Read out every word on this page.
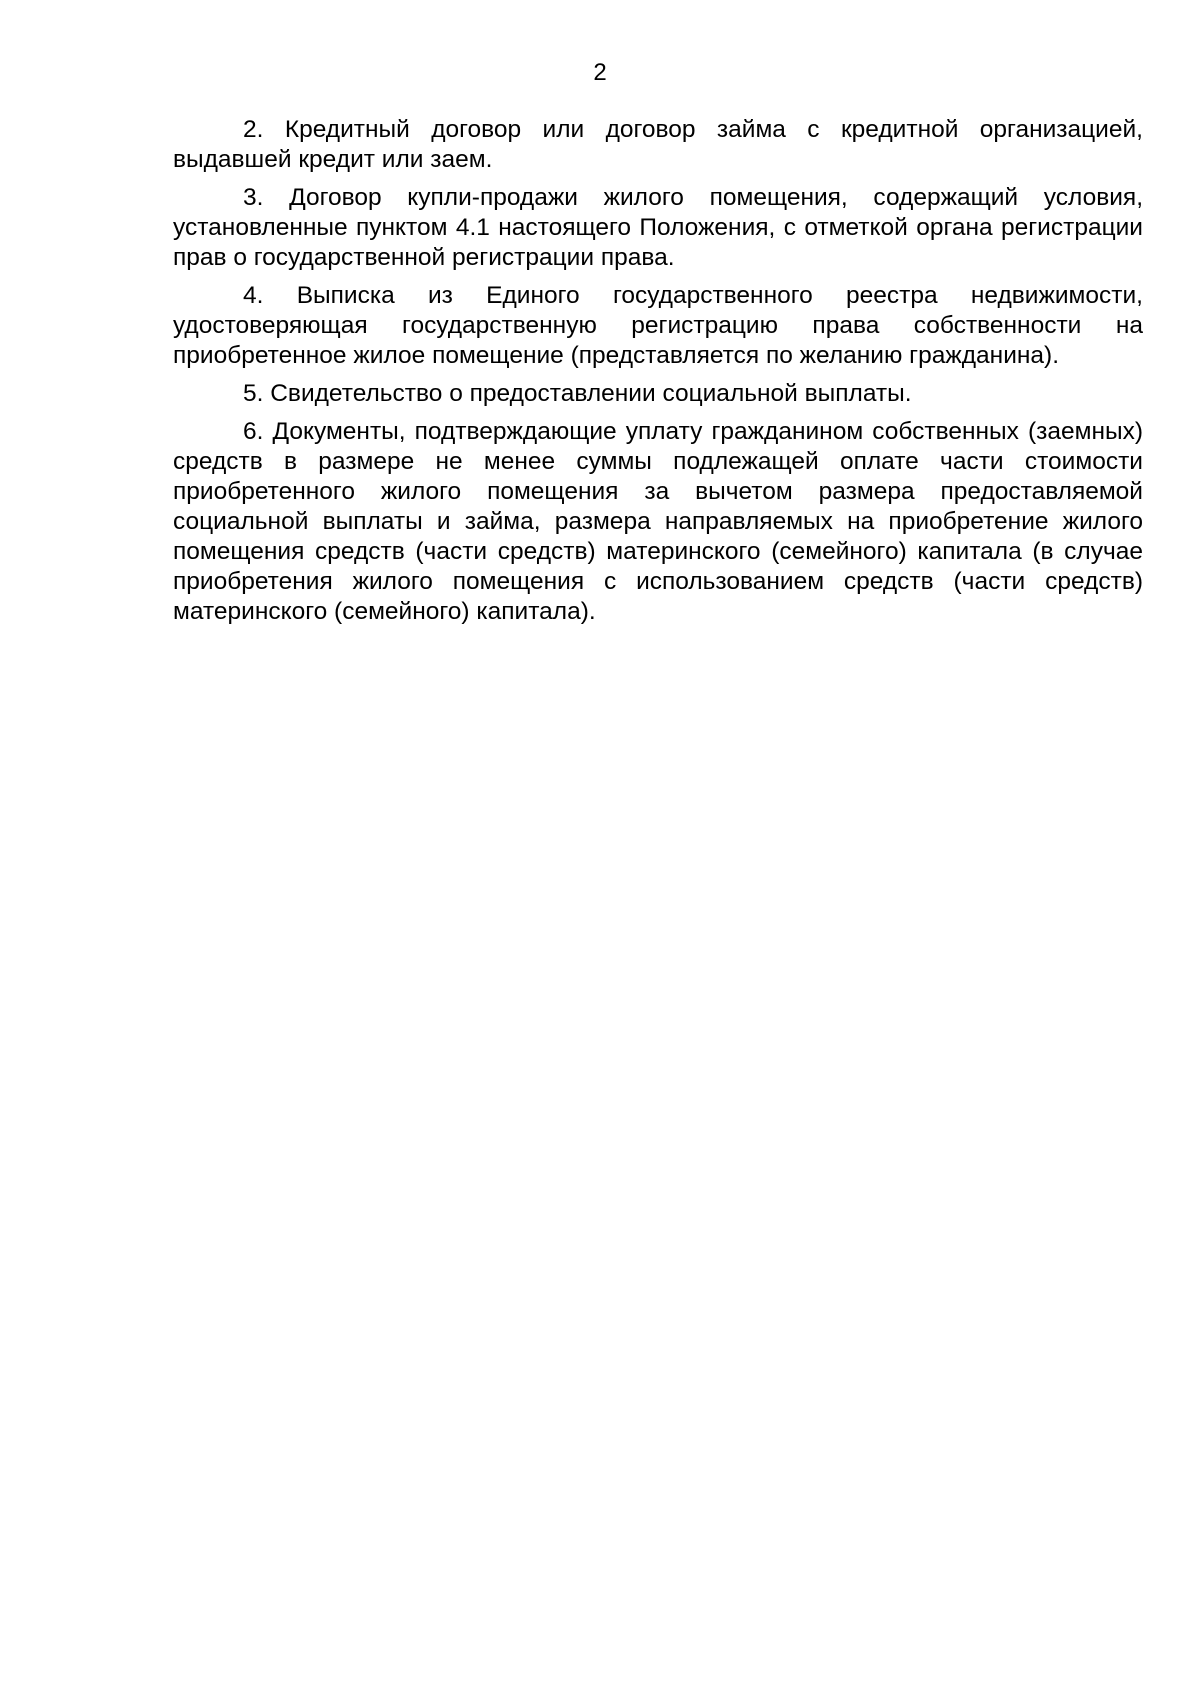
2

2. Кредитный договор или договор займа с кредитной организацией, выдавшей кредит или заем.

3. Договор купли-продажи жилого помещения, содержащий условия, установленные пунктом 4.1 настоящего Положения, с отметкой органа регистрации прав о государственной регистрации права.

4. Выписка из Единого государственного реестра недвижимости, удостоверяющая государственную регистрацию права собственности на приобретенное жилое помещение (представляется по желанию гражданина).

5. Свидетельство о предоставлении социальной выплаты.

6. Документы, подтверждающие уплату гражданином собственных (заемных) средств в размере не менее суммы подлежащей оплате части стоимости приобретенного жилого помещения за вычетом размера предоставляемой социальной выплаты и займа, размера направляемых на приобретение жилого помещения средств (части средств) материнского (семейного) капитала (в случае приобретения жилого помещения с использованием средств (части средств) материнского (семейного) капитала).
